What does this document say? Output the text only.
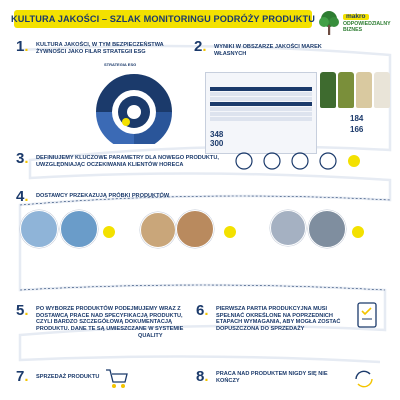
KULTURA JAKOŚCI – SZLAK MONITORINGU PODRÓŻY PRODUKTU	makro
ODPOWIEDZIALNY
BIZNES
1. KULTURA JAKOŚCI, W TYM BEZPIECZEŃSTWA ŻYWNOŚCI JAKO FILAR STRATEGII ESG
STRATEGIA ESG
2. WYNIKI W OBSZARZE JAKOŚCI MAREK WŁASNYCH
348
300
184
166
3. DEFINIUJEMY KLUCZOWE PARAMETRY DLA NOWEGO PRODUKTU, UWZGLĘDNIAJĄC OCZEKIWANIA KLIENTÓW HORECA
4. DOSTAWCY PRZEKAZUJĄ PRÓBKI PRODUKTÓW
5. PO WYBORZE PRODUKTÓW PODEJMUJEMY WRAZ Z DOSTAWCĄ PRACE NAD SPECYFIKACJĄ PRODUKTU, CZYLI BARDZO SZCZEGÓŁOWĄ DOKUMENTACJĄ PRODUKTU. DANE TE SĄ UMIESZCZANE W SYSTEMIE
QUALITY
6. PIERWSZA PARTIA PRODUKCYJNA MUSI SPEŁNIAĆ OKREŚLONE NA POPRZEDNICH ETAPACH WYMAGANIA, ABY MOGŁA ZOSTAĆ DOPUSZCZONA DO SPRZEDAŻY
7. SPRZEDAŻ PRODUKTU	8. PRACA NAD PRODUKTEM NIGDY SIĘ NIE KOŃCZY
